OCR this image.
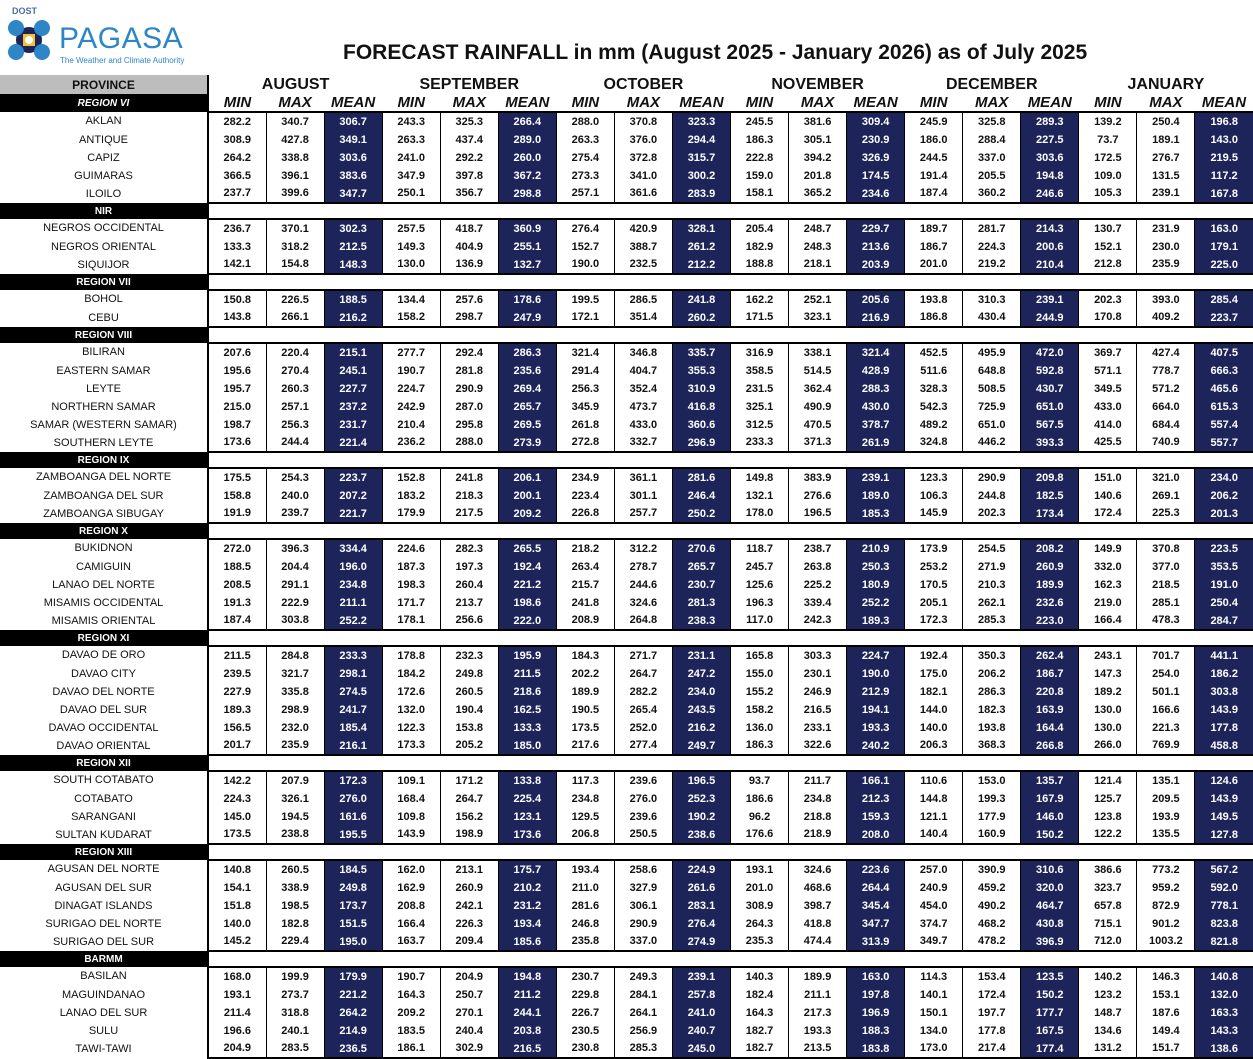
DOST
PAGASA
The Weather and Climate Authority	FORECAST RAINFALL in mm (August 2025 - January 2026) as of July 2025
PROVINCE	AUGUST			SEPTEMBER			OCTOBER			NOVEMBER			DECEMBER			JANUARY		
REGION VI	MIN	MAX	MEAN	MIN	MAX	MEAN	MIN	MAX	MEAN	MIN	MAX	MEAN	MIN	MAX	MEAN	MIN	MAX	MEAN
AKLAN	282.2	340.7	306.7	243.3	325.3	266.4	288.0	370.8	323.3	245.5	381.6	309.4	245.9	325.8	289.3	139.2	250.4	196.8
ANTIQUE	308.9	427.8	349.1	263.3	437.4	289.0	263.3	376.0	294.4	186.3	305.1	230.9	186.0	288.4	227.5	73.7	189.1	143.0
CAPIZ	264.2	338.8	303.6	241.0	292.2	260.0	275.4	372.8	315.7	222.8	394.2	326.9	244.5	337.0	303.6	172.5	276.7	219.5
GUIMARAS	366.5	396.1	383.6	347.9	397.8	367.2	273.3	341.0	300.2	159.0	201.8	174.5	191.4	205.5	194.8	109.0	131.5	117.2
ILOILO	237.7	399.6	347.7	250.1	356.7	298.8	257.1	361.6	283.9	158.1	365.2	234.6	187.4	360.2	246.6	105.3	239.1	167.8
NIR																		
NEGROS OCCIDENTAL	236.7	370.1	302.3	257.5	418.7	360.9	276.4	420.9	328.1	205.4	248.7	229.7	189.7	281.7	214.3	130.7	231.9	163.0
NEGROS ORIENTAL	133.3	318.2	212.5	149.3	404.9	255.1	152.7	388.7	261.2	182.9	248.3	213.6	186.7	224.3	200.6	152.1	230.0	179.1
SIQUIJOR	142.1	154.8	148.3	130.0	136.9	132.7	190.0	232.5	212.2	188.8	218.1	203.9	201.0	219.2	210.4	212.8	235.9	225.0
REGION VII																		
BOHOL	150.8	226.5	188.5	134.4	257.6	178.6	199.5	286.5	241.8	162.2	252.1	205.6	193.8	310.3	239.1	202.3	393.0	285.4
CEBU	143.8	266.1	216.2	158.2	298.7	247.9	172.1	351.4	260.2	171.5	323.1	216.9	186.8	430.4	244.9	170.8	409.2	223.7
REGION VIII																		
BILIRAN	207.6	220.4	215.1	277.7	292.4	286.3	321.4	346.8	335.7	316.9	338.1	321.4	452.5	495.9	472.0	369.7	427.4	407.5
EASTERN SAMAR	195.6	270.4	245.1	190.7	281.8	235.6	291.4	404.7	355.3	358.5	514.5	428.9	511.6	648.8	592.8	571.1	778.7	666.3
LEYTE	195.7	260.3	227.7	224.7	290.9	269.4	256.3	352.4	310.9	231.5	362.4	288.3	328.3	508.5	430.7	349.5	571.2	465.6
NORTHERN SAMAR	215.0	257.1	237.2	242.9	287.0	265.7	345.9	473.7	416.8	325.1	490.9	430.0	542.3	725.9	651.0	433.0	664.0	615.3
SAMAR (WESTERN SAMAR)	198.7	256.3	231.7	210.4	295.8	269.5	261.8	433.0	360.6	312.5	470.5	378.7	489.2	651.0	567.5	414.0	684.4	557.4
SOUTHERN LEYTE	173.6	244.4	221.4	236.2	288.0	273.9	272.8	332.7	296.9	233.3	371.3	261.9	324.8	446.2	393.3	425.5	740.9	557.7
REGION IX																		
ZAMBOANGA DEL NORTE	175.5	254.3	223.7	152.8	241.8	206.1	234.9	361.1	281.6	149.8	383.9	239.1	123.3	290.9	209.8	151.0	321.0	234.0
ZAMBOANGA DEL SUR	158.8	240.0	207.2	183.2	218.3	200.1	223.4	301.1	246.4	132.1	276.6	189.0	106.3	244.8	182.5	140.6	269.1	206.2
ZAMBOANGA SIBUGAY	191.9	239.7	221.7	179.9	217.5	209.2	226.8	257.7	250.2	178.0	196.5	185.3	145.9	202.3	173.4	172.4	225.3	201.3
REGION X																		
BUKIDNON	272.0	396.3	334.4	224.6	282.3	265.5	218.2	312.2	270.6	118.7	238.7	210.9	173.9	254.5	208.2	149.9	370.8	223.5
CAMIGUIN	188.5	204.4	196.0	187.3	197.3	192.4	263.4	278.7	265.7	245.7	263.8	250.3	253.2	271.9	260.9	332.0	377.0	353.5
LANAO DEL NORTE	208.5	291.1	234.8	198.3	260.4	221.2	215.7	244.6	230.7	125.6	225.2	180.9	170.5	210.3	189.9	162.3	218.5	191.0
MISAMIS OCCIDENTAL	191.3	222.9	211.1	171.7	213.7	198.6	241.8	324.6	281.3	196.3	339.4	252.2	205.1	262.1	232.6	219.0	285.1	250.4
MISAMIS ORIENTAL	187.4	303.8	252.2	178.1	256.6	222.0	208.9	264.8	238.3	117.0	242.3	189.3	172.3	285.3	223.0	166.4	478.3	284.7
REGION XI																		
DAVAO DE ORO	211.5	284.8	233.3	178.8	232.3	195.9	184.3	271.7	231.1	165.8	303.3	224.7	192.4	350.3	262.4	243.1	701.7	441.1
DAVAO CITY	239.5	321.7	298.1	184.2	249.8	211.5	202.2	264.7	247.2	155.0	230.1	190.0	175.0	206.2	186.7	147.3	254.0	186.2
DAVAO DEL NORTE	227.9	335.8	274.5	172.6	260.5	218.6	189.9	282.2	234.0	155.2	246.9	212.9	182.1	286.3	220.8	189.2	501.1	303.8
DAVAO DEL SUR	189.3	298.9	241.7	132.0	190.4	162.5	190.5	265.4	243.5	158.2	216.5	194.1	144.0	182.3	163.9	130.0	166.6	143.9
DAVAO OCCIDENTAL	156.5	232.0	185.4	122.3	153.8	133.3	173.5	252.0	216.2	136.0	233.1	193.3	140.0	193.8	164.4	130.0	221.3	177.8
DAVAO ORIENTAL	201.7	235.9	216.1	173.3	205.2	185.0	217.6	277.4	249.7	186.3	322.6	240.2	206.3	368.3	266.8	266.0	769.9	458.8
REGION XII																		
SOUTH COTABATO	142.2	207.9	172.3	109.1	171.2	133.8	117.3	239.6	196.5	93.7	211.7	166.1	110.6	153.0	135.7	121.4	135.1	124.6
COTABATO	224.3	326.1	276.0	168.4	264.7	225.4	234.8	276.0	252.3	186.6	234.8	212.3	144.8	199.3	167.9	125.7	209.5	143.9
SARANGANI	145.0	194.5	161.6	109.8	156.2	123.1	129.5	239.6	190.2	96.2	218.8	159.3	121.1	177.9	146.0	123.8	193.9	149.5
SULTAN KUDARAT	173.5	238.8	195.5	143.9	198.9	173.6	206.8	250.5	238.6	176.6	218.9	208.0	140.4	160.9	150.2	122.2	135.5	127.8
REGION XIII																		
AGUSAN DEL NORTE	140.8	260.5	184.5	162.0	213.1	175.7	193.4	258.6	224.9	193.1	324.6	223.6	257.0	390.9	310.6	386.6	773.2	567.2
AGUSAN DEL SUR	154.1	338.9	249.8	162.9	260.9	210.2	211.0	327.9	261.6	201.0	468.6	264.4	240.9	459.2	320.0	323.7	959.2	592.0
DINAGAT ISLANDS	151.8	198.5	173.7	208.8	242.1	231.2	281.6	306.1	283.1	308.9	398.7	345.4	454.0	490.2	464.7	657.8	872.9	778.1
SURIGAO DEL NORTE	140.0	182.8	151.5	166.4	226.3	193.4	246.8	290.9	276.4	264.3	418.8	347.7	374.7	468.2	430.8	715.1	901.2	823.8
SURIGAO DEL SUR	145.2	229.4	195.0	163.7	209.4	185.6	235.8	337.0	274.9	235.3	474.4	313.9	349.7	478.2	396.9	712.0	1003.2	821.8
BARMM																		
BASILAN	168.0	199.9	179.9	190.7	204.9	194.8	230.7	249.3	239.1	140.3	189.9	163.0	114.3	153.4	123.5	140.2	146.3	140.8
MAGUINDANAO	193.1	273.7	221.2	164.3	250.7	211.2	229.8	284.1	257.8	182.4	211.1	197.8	140.1	172.4	150.2	123.2	153.1	132.0
LANAO DEL SUR	211.4	318.8	264.2	209.2	270.1	244.1	226.7	264.1	241.0	164.3	217.3	196.9	150.1	197.7	177.7	148.7	187.6	163.3
SULU	196.6	240.1	214.9	183.5	240.4	203.8	230.5	256.9	240.7	182.7	193.3	188.3	134.0	177.8	167.5	134.6	149.4	143.3
TAWI-TAWI	204.9	283.5	236.5	186.1	302.9	216.5	230.8	285.3	245.0	182.7	213.5	183.8	173.0	217.4	177.4	131.2	151.7	138.6
